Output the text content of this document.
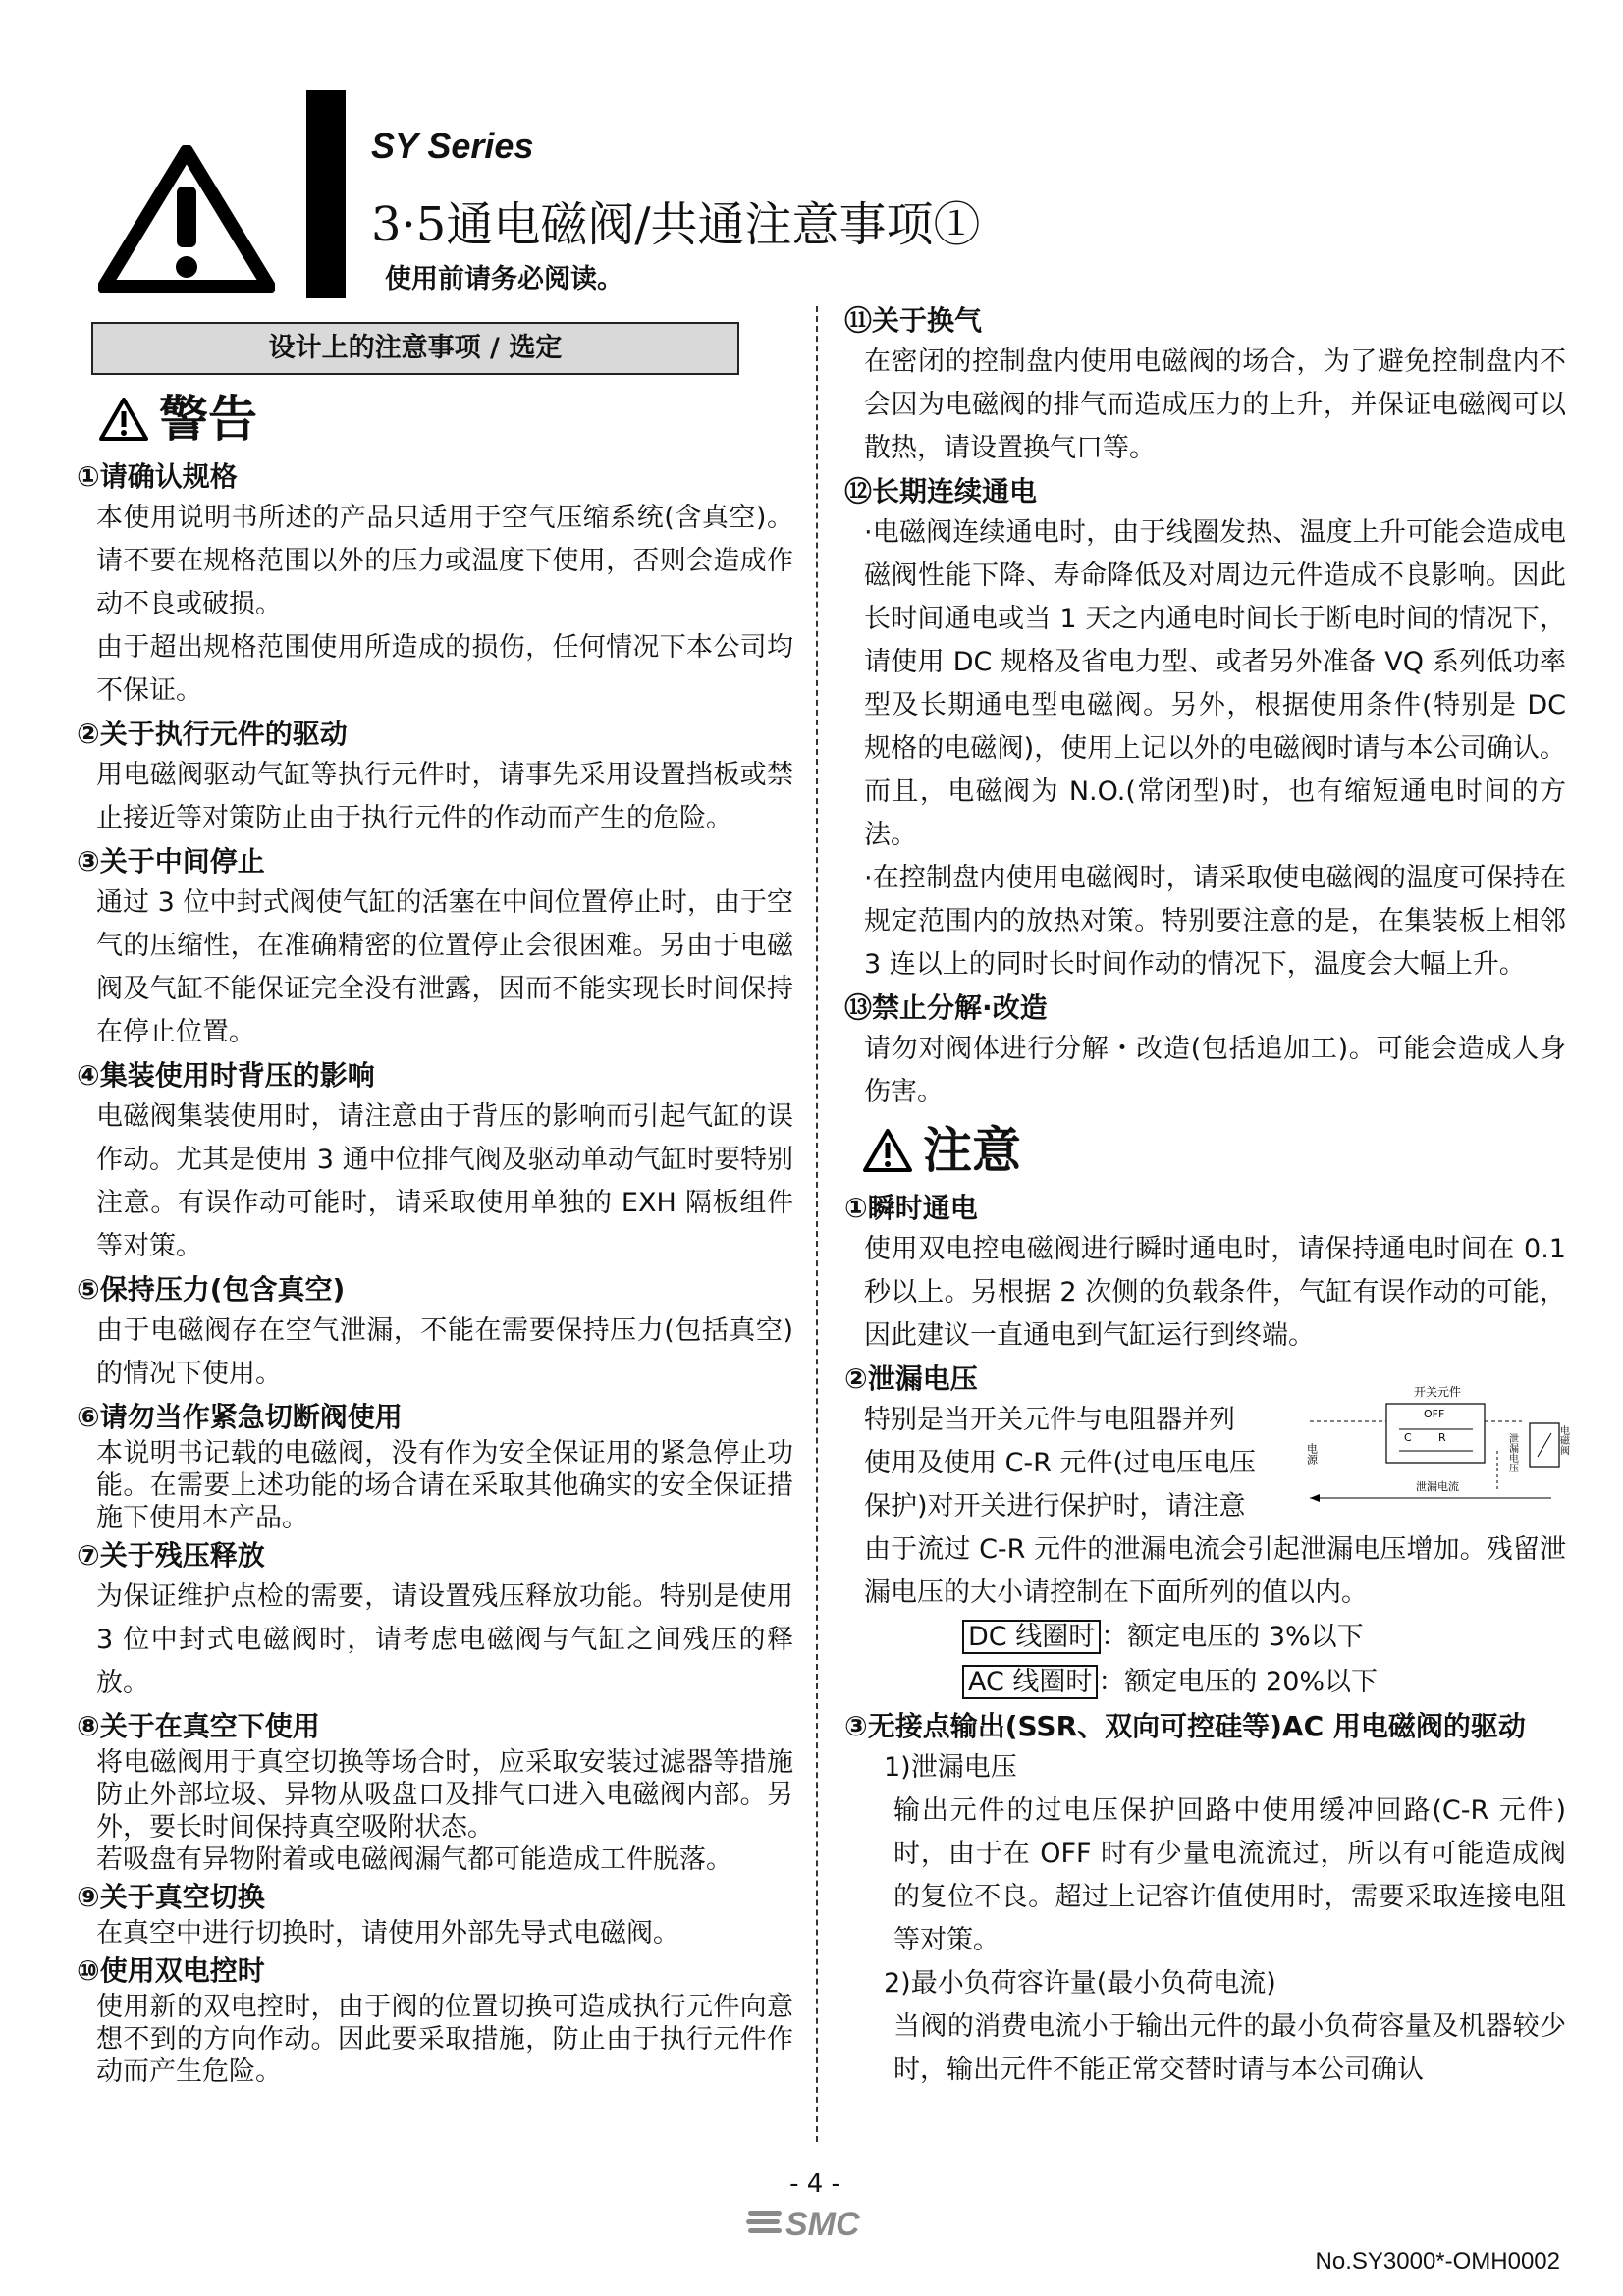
SY Series
3·5通电磁阀/共通注意事项①
使用前请务必阅读。
设计上的注意事项 / 选定
警告
①请确认规格
本使用说明书所述的产品只适用于空气压缩系统(含真空)。请不要在规格范围以外的压力或温度下使用，否则会造成作动不良或破损。
由于超出规格范围使用所造成的损伤，任何情况下本公司均不保证。
②关于执行元件的驱动
用电磁阀驱动气缸等执行元件时，请事先采用设置挡板或禁止接近等对策防止由于执行元件的作动而产生的危险。
③关于中间停止
通过 3 位中封式阀使气缸的活塞在中间位置停止时，由于空气的压缩性，在准确精密的位置停止会很困难。另由于电磁阀及气缸不能保证完全没有泄露，因而不能实现长时间保持在停止位置。
④集装使用时背压的影响
电磁阀集装使用时，请注意由于背压的影响而引起气缸的误作动。尤其是使用 3 通中位排气阀及驱动单动气缸时要特别注意。有误作动可能时，请采取使用单独的 EXH 隔板组件等对策。
⑤保持压力(包含真空)
由于电磁阀存在空气泄漏，不能在需要保持压力(包括真空)的情况下使用。
⑥请勿当作紧急切断阀使用
本说明书记载的电磁阀，没有作为安全保证用的紧急停止功能。在需要上述功能的场合请在采取其他确实的安全保证措施下使用本产品。
⑦关于残压释放
为保证维护点检的需要，请设置残压释放功能。特别是使用 3 位中封式电磁阀时，请考虑电磁阀与气缸之间残压的释放。
⑧关于在真空下使用
将电磁阀用于真空切换等场合时，应采取安装过滤器等措施防止外部垃圾、异物从吸盘口及排气口进入电磁阀内部。另外，要长时间保持真空吸附状态。
若吸盘有异物附着或电磁阀漏气都可能造成工件脱落。
⑨关于真空切换
在真空中进行切换时，请使用外部先导式电磁阀。
⑩使用双电控时
使用新的双电控时，由于阀的位置切换可造成执行元件向意想不到的方向作动。因此要采取措施，防止由于执行元件作动而产生危险。
⑪关于换气
在密闭的控制盘内使用电磁阀的场合，为了避免控制盘内不会因为电磁阀的排气而造成压力的上升，并保证电磁阀可以散热，请设置换气口等。
⑫长期连续通电
·电磁阀连续通电时，由于线圈发热、温度上升可能会造成电磁阀性能下降、寿命降低及对周边元件造成不良影响。因此长时间通电或当 1 天之内通电时间长于断电时间的情况下，请使用 DC 规格及省电力型、或者另外准备 VQ 系列低功率型及长期通电型电磁阀。另外，根据使用条件(特别是 DC 规格的电磁阀)，使用上记以外的电磁阀时请与本公司确认。而且，电磁阀为 N.O.(常闭型)时，也有缩短通电时间的方法。
·在控制盘内使用电磁阀时，请采取使电磁阀的温度可保持在规定范围内的放热对策。特别要注意的是，在集装板上相邻 3 连以上的同时长时间作动的情况下，温度会大幅上升。
⑬禁止分解·改造
请勿对阀体进行分解・改造(包括追加工)。可能会造成人身伤害。
注意
①瞬时通电
使用双电控电磁阀进行瞬时通电时，请保持通电时间在 0.1 秒以上。另根据 2 次侧的负载条件，气缸有误作动的可能，因此建议一直通电到气缸运行到终端。
②泄漏电压
特别是当开关元件与电阻器并列
使用及使用 C-R 元件(过电压电压
保护)对开关进行保护时，请注意
由于流过 C-R 元件的泄漏电流会引起泄漏电压增加。残留泄漏电压的大小请控制在下面所列的值以内。
DC 线圈时 ：额定电压的 3%以下
AC 线圈时 ：额定电压的 20%以下
③无接点输出(SSR、双向可控硅等)AC 用电磁阀的驱动
1)泄漏电压
输出元件的过电压保护回路中使用缓冲回路(C-R 元件)时，由于在 OFF 时有少量电流流过，所以有可能造成阀的复位不良。超过上记容许值使用时，需要采取连接电阻等对策。
2)最小负荷容许量(最小负荷电流)
当阀的消费电流小于输出元件的最小负荷容量及机器较少时，输出元件不能正常交替时请与本公司确认
开关元件
OFF
C R
电源	泄漏电压	电磁阀
泄漏电流
- 4 -
SMC
No.SY3000*-OMH0002
